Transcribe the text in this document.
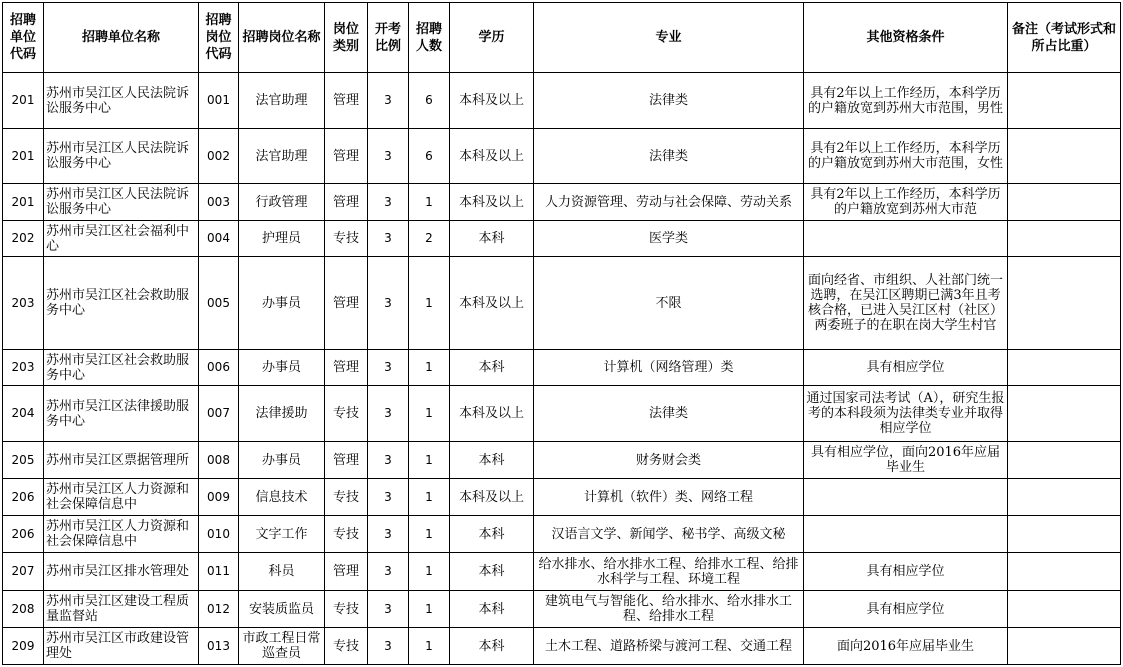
招聘单位代码	招聘单位名称	招聘岗位代码	招聘岗位名称	岗位类别	开考比例	招聘人数	学历	专业	其他资格条件	备注（考试形式和所占比重）
201	苏州市吴江区人民法院诉讼服务中心	001	法官助理	管理	3	6	本科及以上	法律类	具有2年以上工作经历，本科学历的户籍放宽到苏州大市范围，男性	
201	苏州市吴江区人民法院诉讼服务中心	002	法官助理	管理	3	6	本科及以上	法律类	具有2年以上工作经历，本科学历的户籍放宽到苏州大市范围，女性	
201	苏州市吴江区人民法院诉讼服务中心	003	行政管理	管理	3	1	本科及以上	人力资源管理、劳动与社会保障、劳动关系	具有2年以上工作经历，本科学历的户籍放宽到苏州大市范	
202	苏州市吴江区社会福利中心	004	护理员	专技	3	2	本科	医学类		
203	苏州市吴江区社会救助服务中心	005	办事员	管理	3	1	本科及以上	不限	面向经省、市组织、人社部门统一选聘，在吴江区聘期已满3年且考核合格，已进入吴江区村（社区）两委班子的在职在岗大学生村官	
203	苏州市吴江区社会救助服务中心	006	办事员	管理	3	1	本科	计算机（网络管理）类	具有相应学位	
204	苏州市吴江区法律援助服务中心	007	法律援助	专技	3	1	本科及以上	法律类	通过国家司法考试（A），研究生报考的本科段须为法律类专业并取得相应学位	
205	苏州市吴江区票据管理所	008	办事员	管理	3	1	本科	财务财会类	具有相应学位，面向2016年应届毕业生	
206	苏州市吴江区人力资源和社会保障信息中	009	信息技术	专技	3	1	本科及以上	计算机（软件）类、网络工程		
206	苏州市吴江区人力资源和社会保障信息中	010	文字工作	专技	3	1	本科	汉语言文学、新闻学、秘书学、高级文秘		
207	苏州市吴江区排水管理处	011	科员	管理	3	1	本科	给水排水、给水排水工程、给排水工程、给排水科学与工程、环境工程	具有相应学位	
208	苏州市吴江区建设工程质量监督站	012	安装质监员	专技	3	1	本科	建筑电气与智能化、给水排水、给水排水工程、给排水工程	具有相应学位	
209	苏州市吴江区市政建设管理处	013	市政工程日常巡查员	专技	3	1	本科	土木工程、道路桥梁与渡河工程、交通工程	面向2016年应届毕业生	
